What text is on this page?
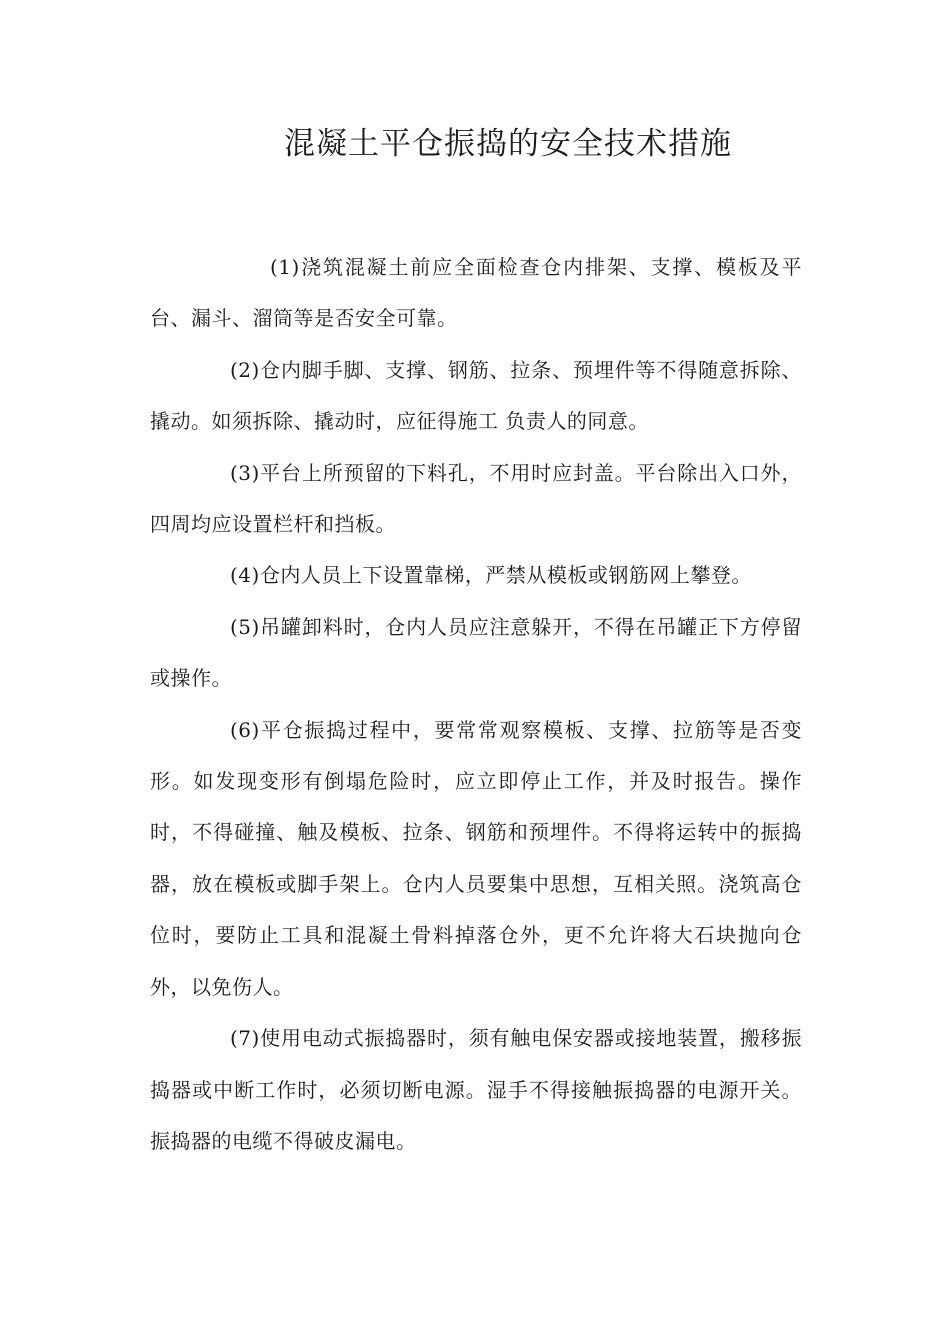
混凝土平仓振捣的安全技术措施

(1)浇筑混凝土前应全面检查仓内排架、支撑、模板及平台、漏斗、溜筒等是否安全可靠。

(2)仓内脚手脚、支撑、钢筋、拉条、预埋件等不得随意拆除、撬动。如须拆除、撬动时，应征得施工 负责人的同意。

(3)平台上所预留的下料孔，不用时应封盖。平台除出入口外，四周均应设置栏杆和挡板。

(4)仓内人员上下设置靠梯，严禁从模板或钢筋网上攀登。

(5)吊罐卸料时，仓内人员应注意躲开，不得在吊罐正下方停留或操作。

(6)平仓振捣过程中，要常常观察模板、支撑、拉筋等是否变形。如发现变形有倒塌危险时，应立即停止工作，并及时报告。操作时，不得碰撞、触及模板、拉条、钢筋和预埋件。不得将运转中的振捣器，放在模板或脚手架上。仓内人员要集中思想，互相关照。浇筑高仓位时，要防止工具和混凝土骨料掉落仓外，更不允许将大石块抛向仓外，以免伤人。

(7)使用电动式振捣器时，须有触电保安器或接地装置，搬移振捣器或中断工作时，必须切断电源。湿手不得接触振捣器的电源开关。振捣器的电缆不得破皮漏电。
